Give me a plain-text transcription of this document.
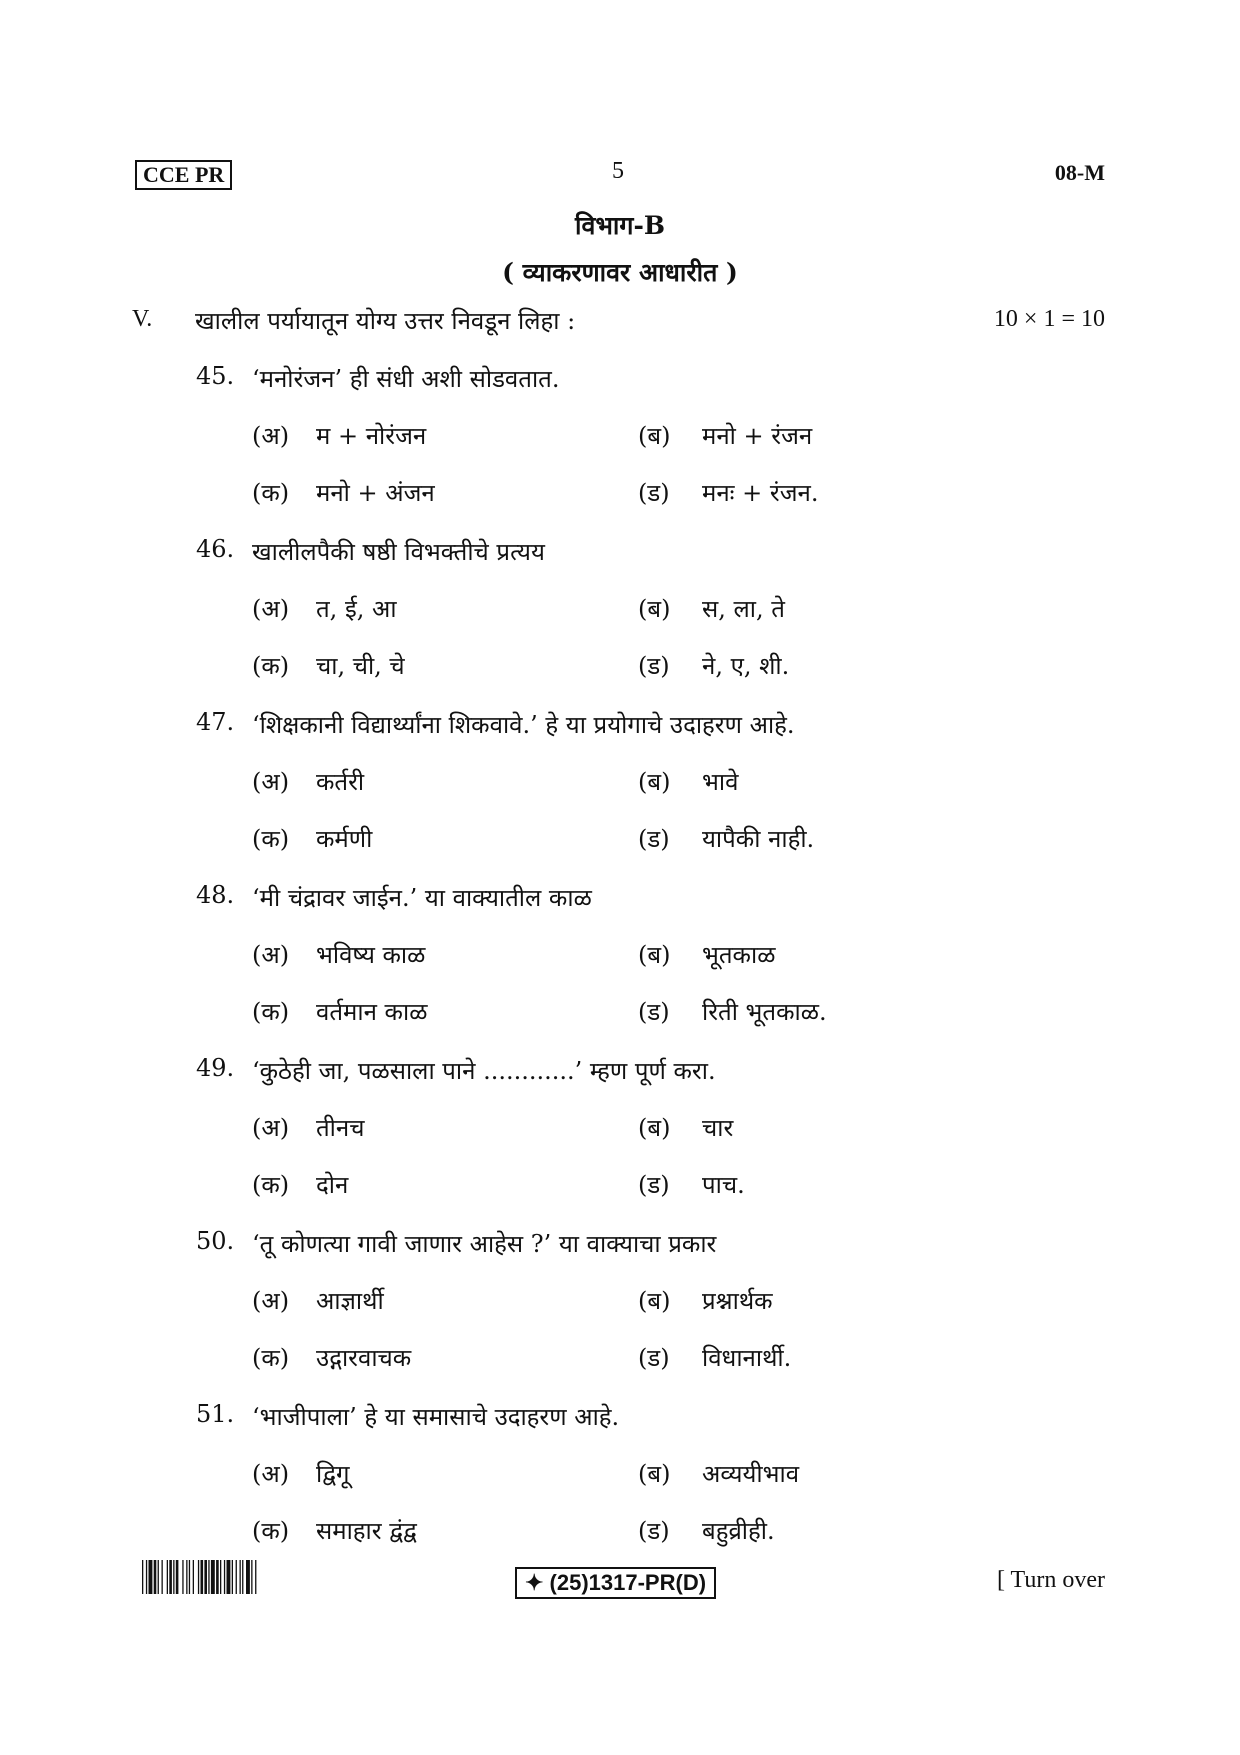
CCE PR	5	08-M
विभाग-B
( व्याकरणावर आधारीत )
V. खालील पर्यायातून योग्य उत्तर निवडून लिहा :	10 × 1 = 10
45. ‘मनोरंजन’ ही संधी अशी सोडवतात.
(अ) म + नोरंजन	(ब) मनो + रंजन
(क) मनो + अंजन	(ड) मनः + रंजन.
46. खालीलपैकी षष्ठी विभक्तीचे प्रत्यय
(अ) त, ई, आ	(ब) स, ला, ते
(क) चा, ची, चे	(ड) ने, ए, शी.
47. ‘शिक्षकानी विद्यार्थ्यांना शिकवावे.’ हे या प्रयोगाचे उदाहरण आहे.
(अ) कर्तरी	(ब) भावे
(क) कर्मणी	(ड) यापैकी नाही.
48. ‘मी चंद्रावर जाईन.’ या वाक्यातील काळ
(अ) भविष्य काळ	(ब) भूतकाळ
(क) वर्तमान काळ	(ड) रिती भूतकाळ.
49. ‘कुठेही जा, पळसाला पाने ............’ म्हण पूर्ण करा.
(अ) तीनच	(ब) चार
(क) दोन	(ड) पाच.
50. ‘तू कोणत्या गावी जाणार आहेस ?’ या वाक्याचा प्रकार
(अ) आज्ञार्थी	(ब) प्रश्नार्थक
(क) उद्गारवाचक	(ड) विधानार्थी.
51. ‘भाजीपाला’ हे या समासाचे उदाहरण आहे.
(अ) द्विगू	(ब) अव्ययीभाव
(क) समाहार द्वंद्व	(ड) बहुव्रीही.
✦ (25)1317-PR(D)	[ Turn over
